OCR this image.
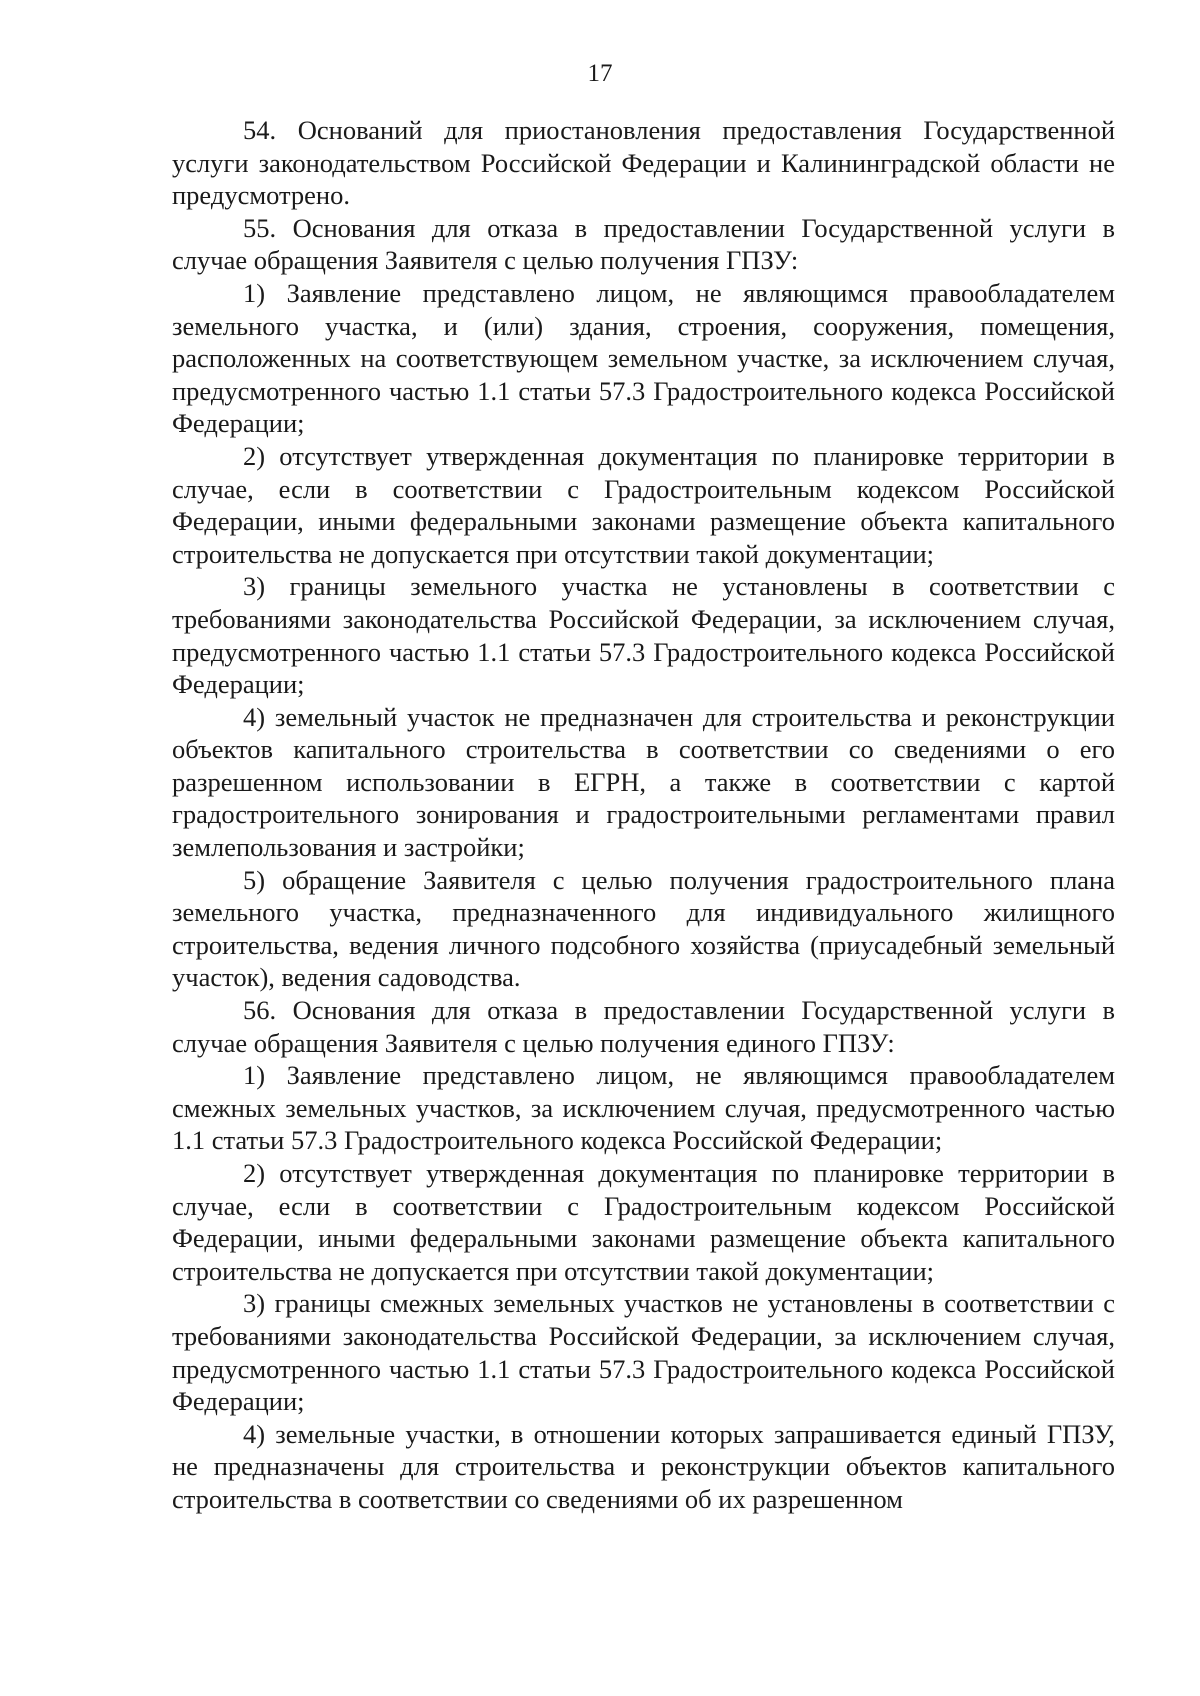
17

54. Оснований для приостановления предоставления Государственной услуги законодательством Российской Федерации и Калининградской области не предусмотрено.

55. Основания для отказа в предоставлении Государственной услуги в случае обращения Заявителя с целью получения ГПЗУ:

1) Заявление представлено лицом, не являющимся правообладателем земельного участка, и (или) здания, строения, сооружения, помещения, расположенных на соответствующем земельном участке, за исключением случая, предусмотренного частью 1.1 статьи 57.3 Градостроительного кодекса Российской Федерации;

2) отсутствует утвержденная документация по планировке территории в случае, если в соответствии с Градостроительным кодексом Российской Федерации, иными федеральными законами размещение объекта капитального строительства не допускается при отсутствии такой документации;

3) границы земельного участка не установлены в соответствии с требованиями законодательства Российской Федерации, за исключением случая, предусмотренного частью 1.1 статьи 57.3 Градостроительного кодекса Российской Федерации;

4) земельный участок не предназначен для строительства и реконструкции объектов капитального строительства в соответствии со сведениями о его разрешенном использовании в ЕГРН, а также в соответствии с картой градостроительного зонирования и градостроительными регламентами правил землепользования и застройки;

5) обращение Заявителя с целью получения градостроительного плана земельного участка, предназначенного для индивидуального жилищного строительства, ведения личного подсобного хозяйства (приусадебный земельный участок), ведения садоводства.

56. Основания для отказа в предоставлении Государственной услуги в случае обращения Заявителя с целью получения единого ГПЗУ:

1) Заявление представлено лицом, не являющимся правообладателем смежных земельных участков, за исключением случая, предусмотренного частью 1.1 статьи 57.3 Градостроительного кодекса Российской Федерации;

2) отсутствует утвержденная документация по планировке территории в случае, если в соответствии с Градостроительным кодексом Российской Федерации, иными федеральными законами размещение объекта капитального строительства не допускается при отсутствии такой документации;

3) границы смежных земельных участков не установлены в соответствии с требованиями законодательства Российской Федерации, за исключением случая, предусмотренного частью 1.1 статьи 57.3 Градостроительного кодекса Российской Федерации;

4) земельные участки, в отношении которых запрашивается единый ГПЗУ, не предназначены для строительства и реконструкции объектов капитального строительства в соответствии со сведениями об их разрешенном
